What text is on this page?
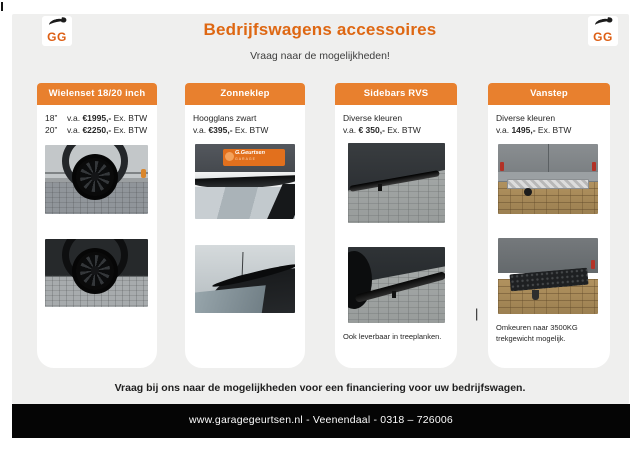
GG	GG
Bedrijfswagens accessoires
Vraag naar de mogelijkheden!
Wielenset 18/20 inch
18”	v.a. €1995,- Ex. BTW
20”	v.a. €2250,- Ex. BTW
Zonneklep
Hoogglans zwart
v.a. €395,- Ex. BTW
G.Geurtsen
GARAGE
Sidebars RVS
Diverse kleuren
v.a. € 350,- Ex. BTW
Ook leverbaar in treeplanken.
Vanstep
Diverse kleuren
v.a. 1495,- Ex. BTW
Omkeuren naar 3500KG
trekgewicht mogelijk.
|
Vraag bij ons naar de mogelijkheden voor een financiering voor uw bedrijfswagen.
www.garagegeurtsen.nl - Veenendaal - 0318 – 726006
